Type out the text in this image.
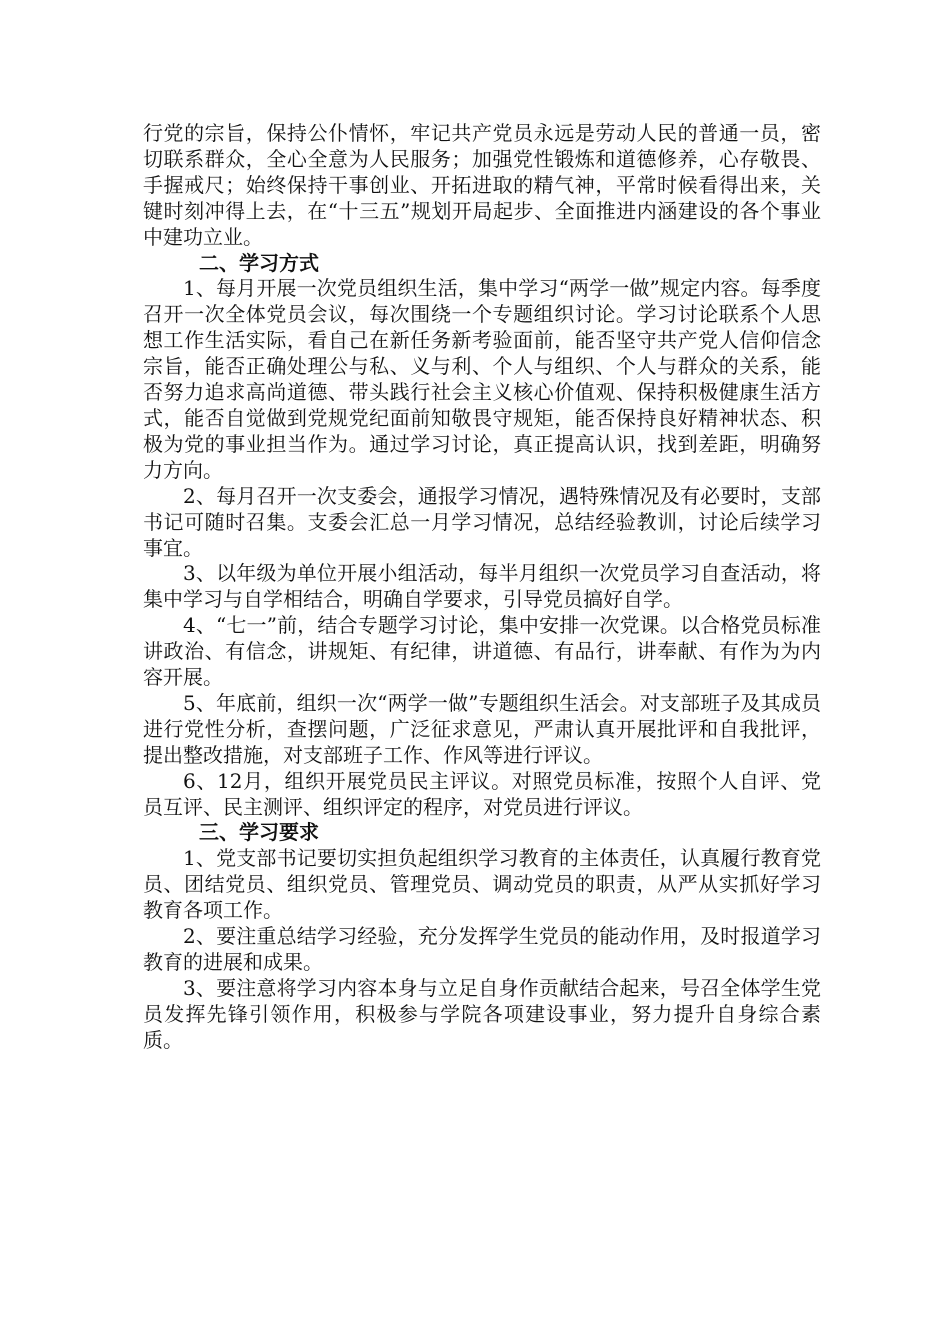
行党的宗旨，保持公仆情怀，牢记共产党员永远是劳动人民的普通一员，密切联系群众，全心全意为人民服务；加强党性锻炼和道德修养，心存敬畏、手握戒尺；始终保持干事创业、开拓进取的精气神，平常时候看得出来，关键时刻冲得上去，在“十三五”规划开局起步、全面推进内涵建设的各个事业中建功立业。

二、学习方式

1、每月开展一次党员组织生活，集中学习“两学一做”规定内容。每季度召开一次全体党员会议，每次围绕一个专题组织讨论。学习讨论联系个人思想工作生活实际，看自己在新任务新考验面前，能否坚守共产党人信仰信念宗旨，能否正确处理公与私、义与利、个人与组织、个人与群众的关系，能否努力追求高尚道德、带头践行社会主义核心价值观、保持积极健康生活方式，能否自觉做到党规党纪面前知敬畏守规矩，能否保持良好精神状态、积极为党的事业担当作为。通过学习讨论，真正提高认识，找到差距，明确努力方向。

2、每月召开一次支委会，通报学习情况，遇特殊情况及有必要时，支部书记可随时召集。支委会汇总一月学习情况，总结经验教训，讨论后续学习事宜。

3、以年级为单位开展小组活动，每半月组织一次党员学习自查活动，将集中学习与自学相结合，明确自学要求，引导党员搞好自学。

4、“七一”前，结合专题学习讨论，集中安排一次党课。以合格党员标准讲政治、有信念，讲规矩、有纪律，讲道德、有品行，讲奉献、有作为为内容开展。

5、年底前，组织一次“两学一做”专题组织生活会。对支部班子及其成员进行党性分析，查摆问题，广泛征求意见，严肃认真开展批评和自我批评，提出整改措施，对支部班子工作、作风等进行评议。

6、12月，组织开展党员民主评议。对照党员标准，按照个人自评、党员互评、民主测评、组织评定的程序，对党员进行评议。

三、学习要求

1、党支部书记要切实担负起组织学习教育的主体责任，认真履行教育党员、团结党员、组织党员、管理党员、调动党员的职责，从严从实抓好学习教育各项工作。

2、要注重总结学习经验，充分发挥学生党员的能动作用，及时报道学习教育的进展和成果。

3、要注意将学习内容本身与立足自身作贡献结合起来，号召全体学生党员发挥先锋引领作用，积极参与学院各项建设事业，努力提升自身综合素质。
